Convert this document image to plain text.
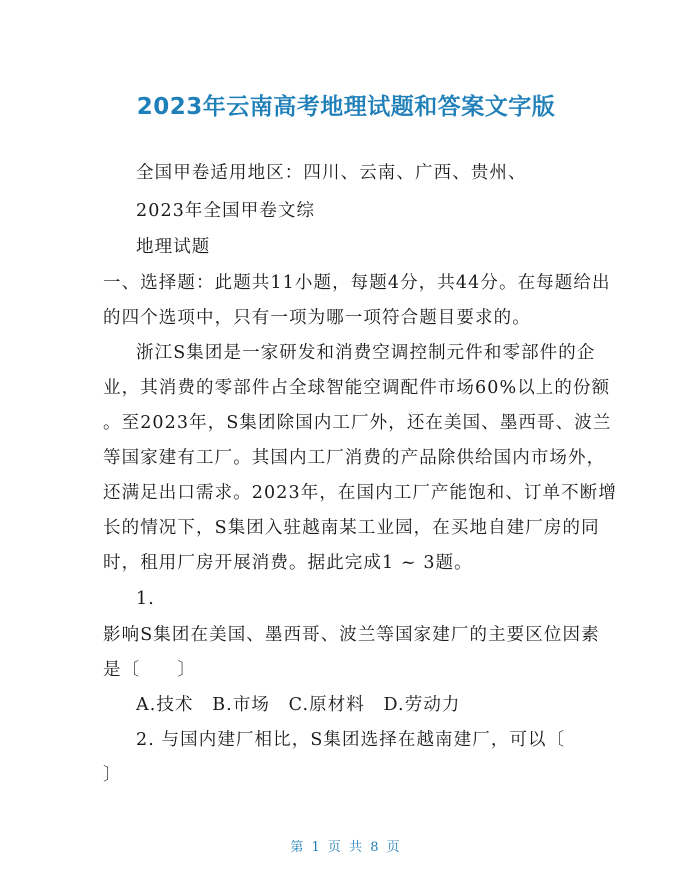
2023年云南高考地理试题和答案文字版
全国甲卷适用地区：四川、云南、广西、贵州、
2023年全国甲卷文综
地理试题
一、选择题：此题共11小题，每题4分，共44分。在每题给出
的四个选项中，只有一项为哪一项符合题目要求的。
浙江S集团是一家研发和消费空调控制元件和零部件的企
业，其消费的零部件占全球智能空调配件市场60%以上的份额
。至2023年，S集团除国内工厂外，还在美国、墨西哥、波兰
等国家建有工厂。其国内工厂消费的产品除供给国内市场外，
还满足出口需求。2023年，在国内工厂产能饱和、订单不断增
长的情况下，S集团入驻越南某工业园，在买地自建厂房的同
时，租用厂房开展消费。据此完成1 ~ 3题。
1.
影响S集团在美国、墨西哥、波兰等国家建厂的主要区位因素
是〔　　〕
A.技术　B.市场　C.原材料　D.劳动力
2. 与国内建厂相比，S集团选择在越南建厂，可以〔
〕
第 1 页 共 8 页
